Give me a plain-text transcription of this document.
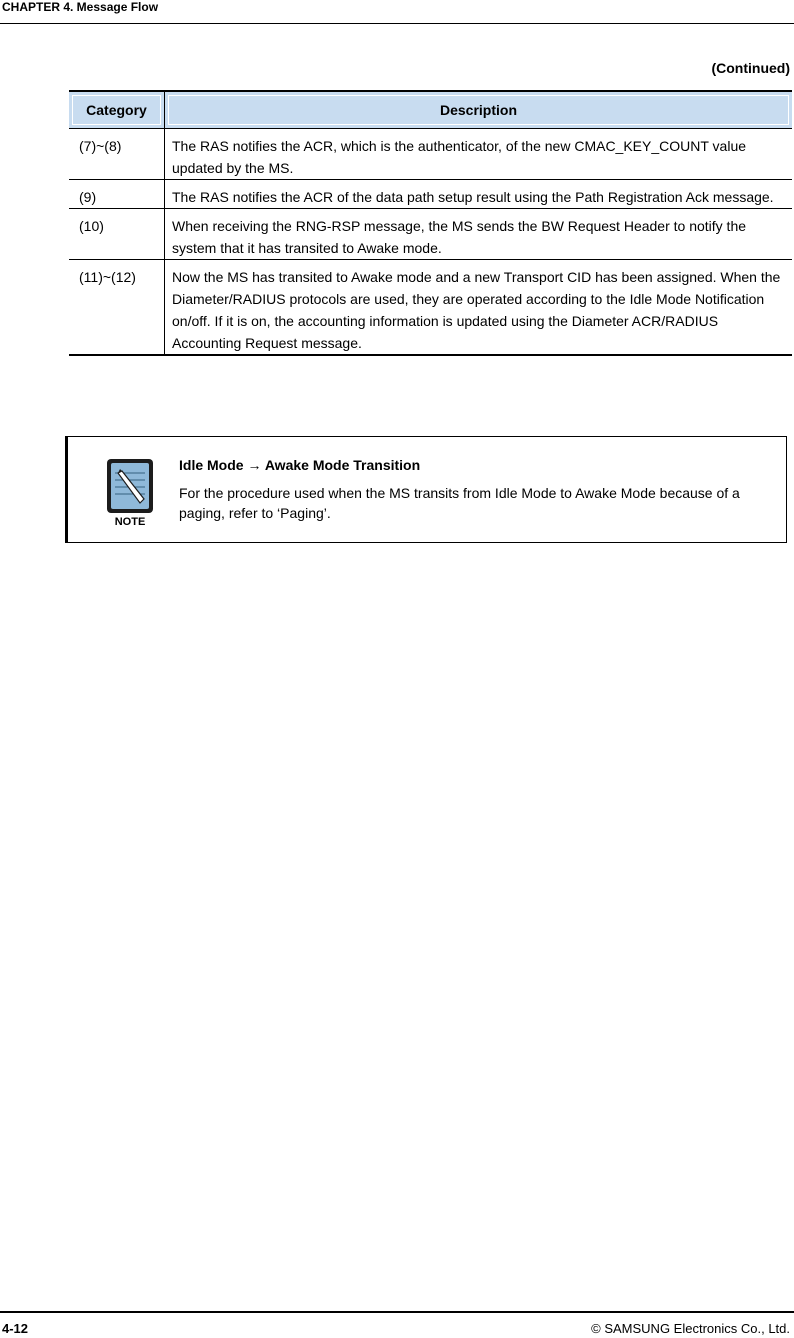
CHAPTER 4. Message Flow
(Continued)
Category	Description
(7)~(8)	The RAS notifies the ACR, which is the authenticator, of the new CMAC_KEY_COUNT value updated by the MS.
(9)	The RAS notifies the ACR of the data path setup result using the Path Registration Ack message.
(10)	When receiving the RNG-RSP message, the MS sends the BW Request Header to notify the system that it has transited to Awake mode.
(11)~(12)	Now the MS has transited to Awake mode and a new Transport CID has been assigned. When the Diameter/RADIUS protocols are used, they are operated according to the Idle Mode Notification on/off. If it is on, the accounting information is updated using the Diameter ACR/RADIUS Accounting Request message.
NOTE
Idle Mode → Awake Mode Transition
For the procedure used when the MS transits from Idle Mode to Awake Mode because of a paging, refer to ‘Paging’.
4-12	© SAMSUNG Electronics Co., Ltd.
